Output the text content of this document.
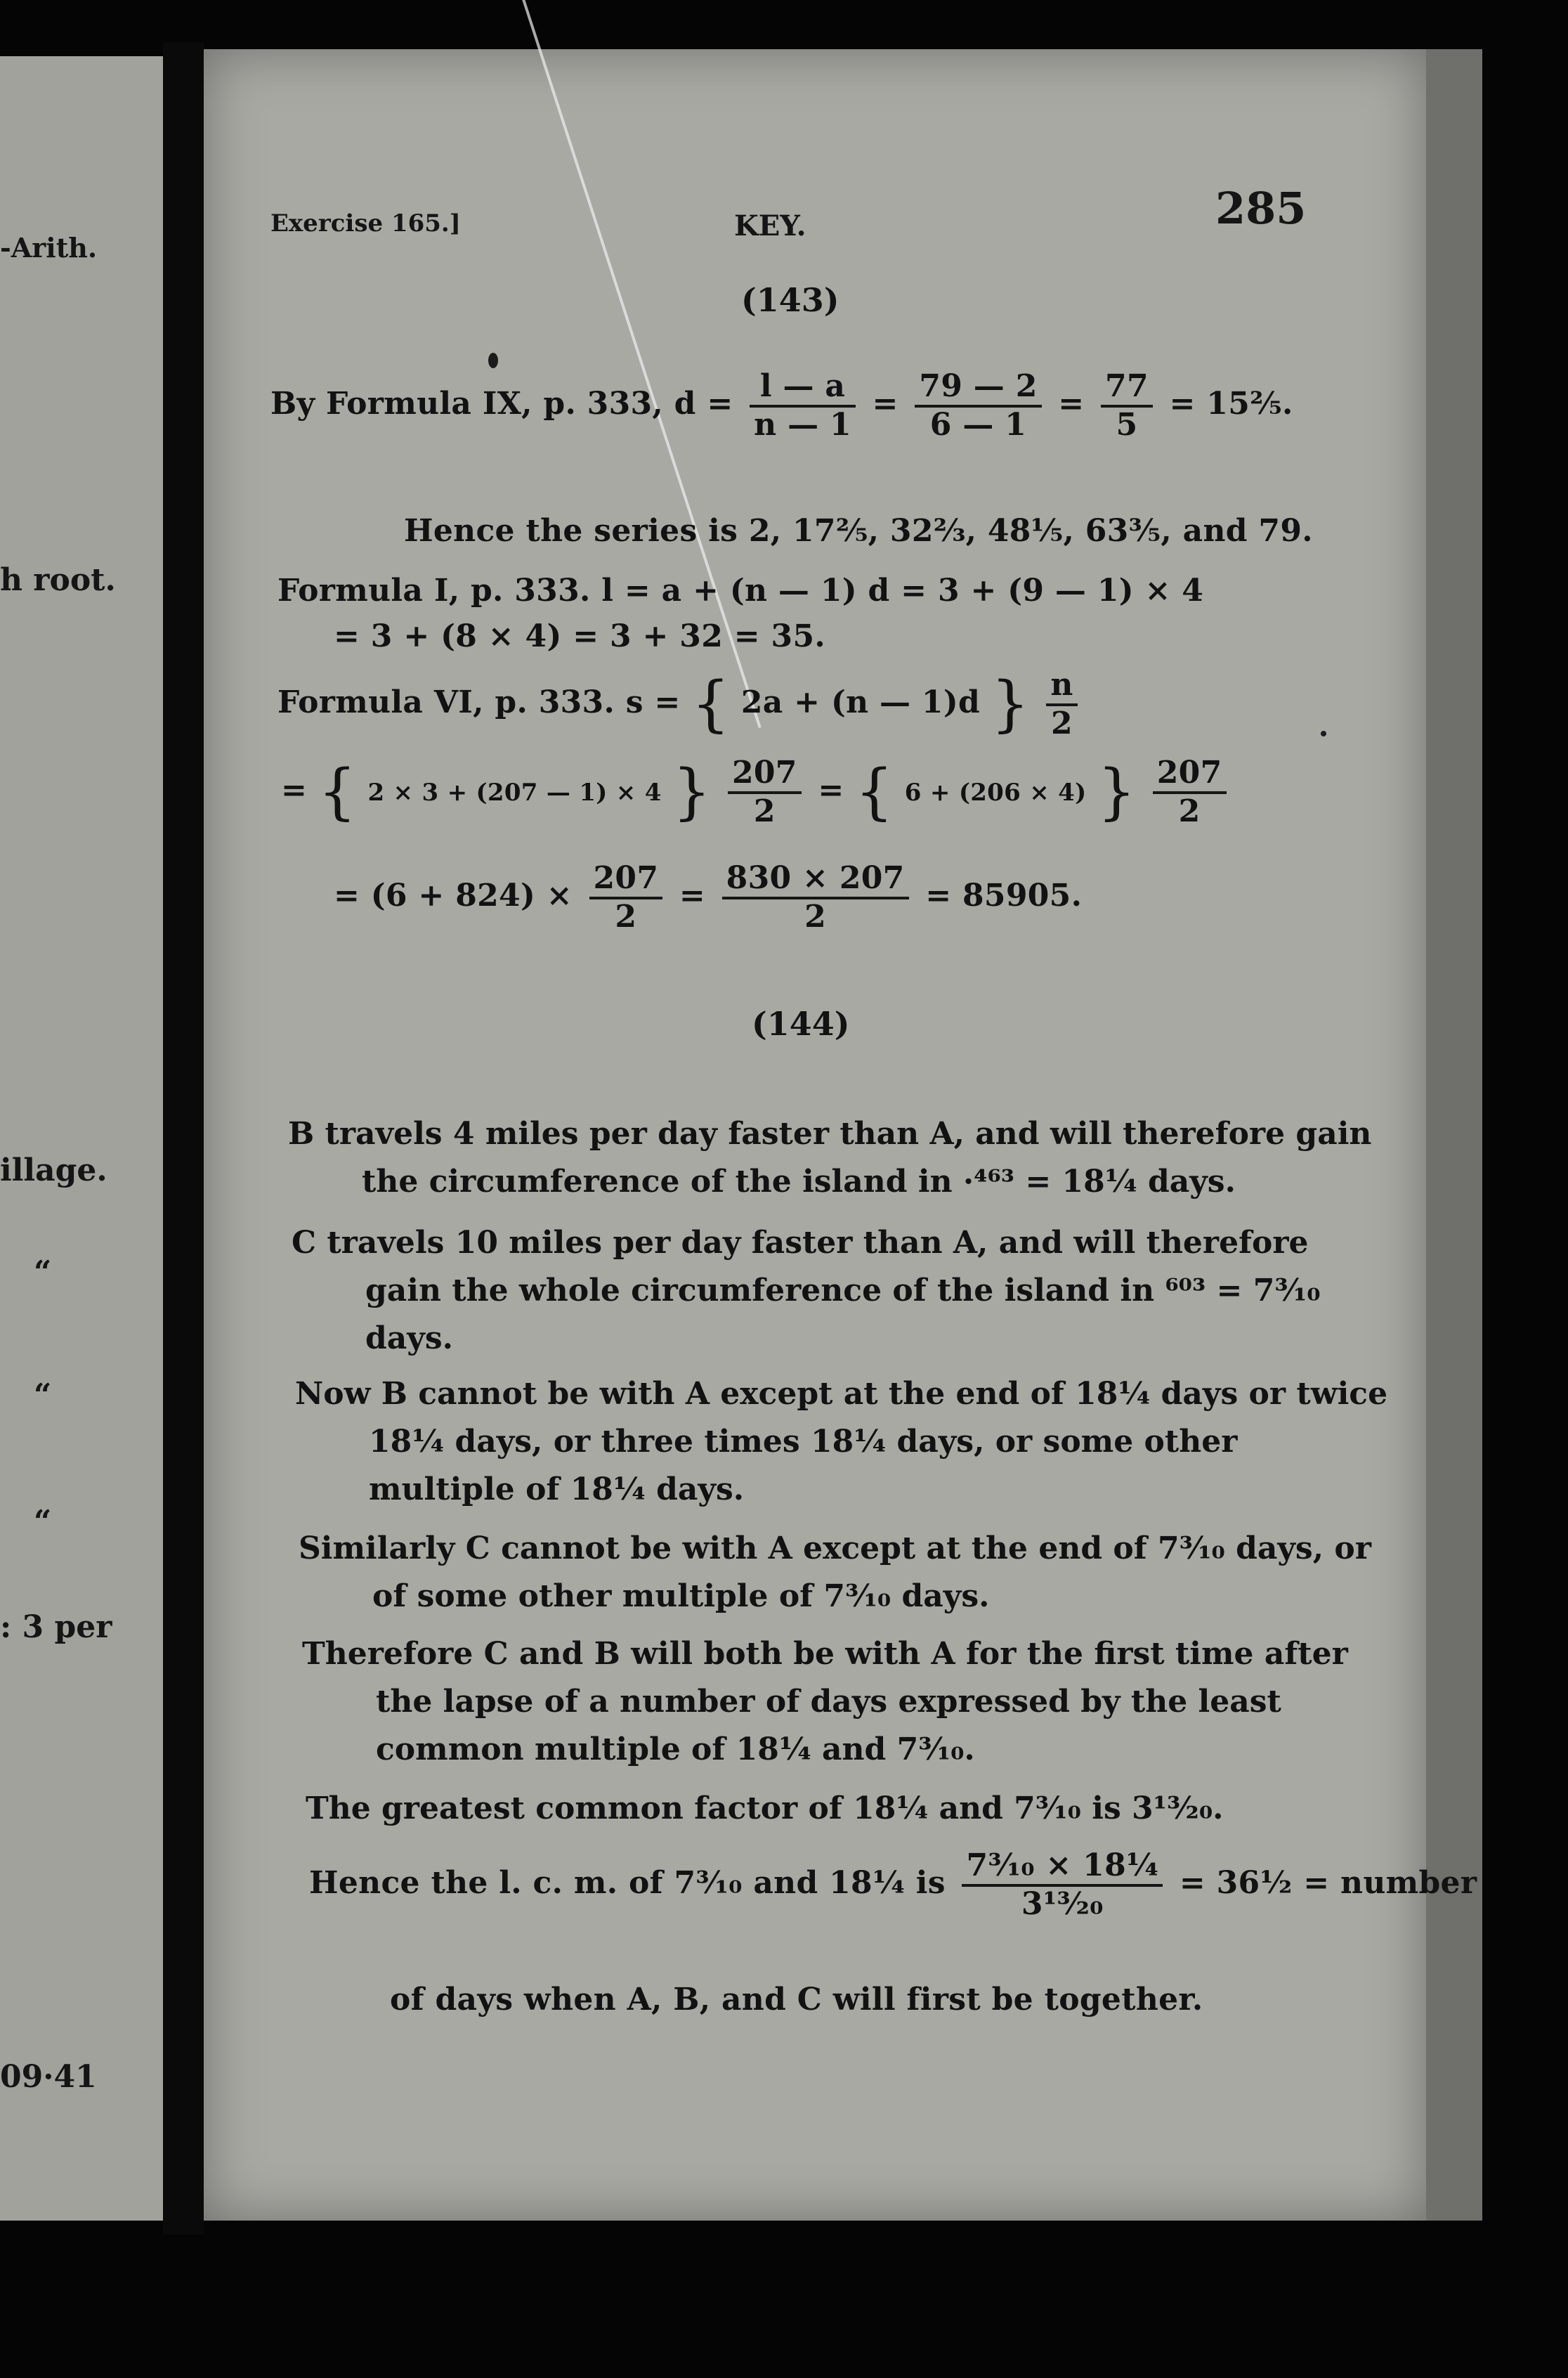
-Arith.
h root.
illage.
“
“
“
: 3 per
09·41
Exercise 165.]	KEY.	285
(143)
By Formula IX, p. 333, $d = \frac{l — a}{n — 1} = \frac{79 — 2}{6 — 1} = \frac{77}{5}$ = 15⅖.
Hence the series is 2, 17⅖, 32⅔, 48⅕, 63⅗, and 79.
Formula I, p. 333. l = a + (n — 1) d = 3 + (9 — 1) × 4
= 3 + (8 × 4) = 3 + 32 = 35.
Formula VI, p. 333. s = { 2a + (n — 1)d } $\frac{n}{2}$
= { 2 × 3 + (207 — 1) × 4 } $\frac{207}{2}$ = { 6 + (206 × 4) } $\frac{207}{2}$
= $(6 + 824) \times \frac{207}{2} = \frac{830 \times 207}{2} = 85905$.
(144)
B travels 4 miles per day faster than A, and will therefore gain
the circumference of the island in ·⁴⁶³ = 18¼ days.
C travels 10 miles per day faster than A, and will therefore
gain the whole circumference of the island in ⁶⁰³ = 7³⁄₁₀ days.
Now B cannot be with A except at the end of 18¼ days or twice
18¼ days, or three times 18¼ days, or some other multiple of 18¼ days.
Similarly C cannot be with A except at the end of 7³⁄₁₀ days, or
of some other multiple of 7³⁄₁₀ days.
Therefore C and B will both be with A for the first time after
the lapse of a number of days expressed by the least common multiple of 18¼ and 7³⁄₁₀.
The greatest common factor of 18¼ and 7³⁄₁₀ is 3¹³⁄₂₀.
Hence the l. c. m. of 7³⁄₁₀ and 18¼ is $\frac{\text{7³⁄₁₀ × 18¼}}{\text{3¹³⁄₂₀}}$ = 36½ = number
of days when A, B, and C will first be together.
